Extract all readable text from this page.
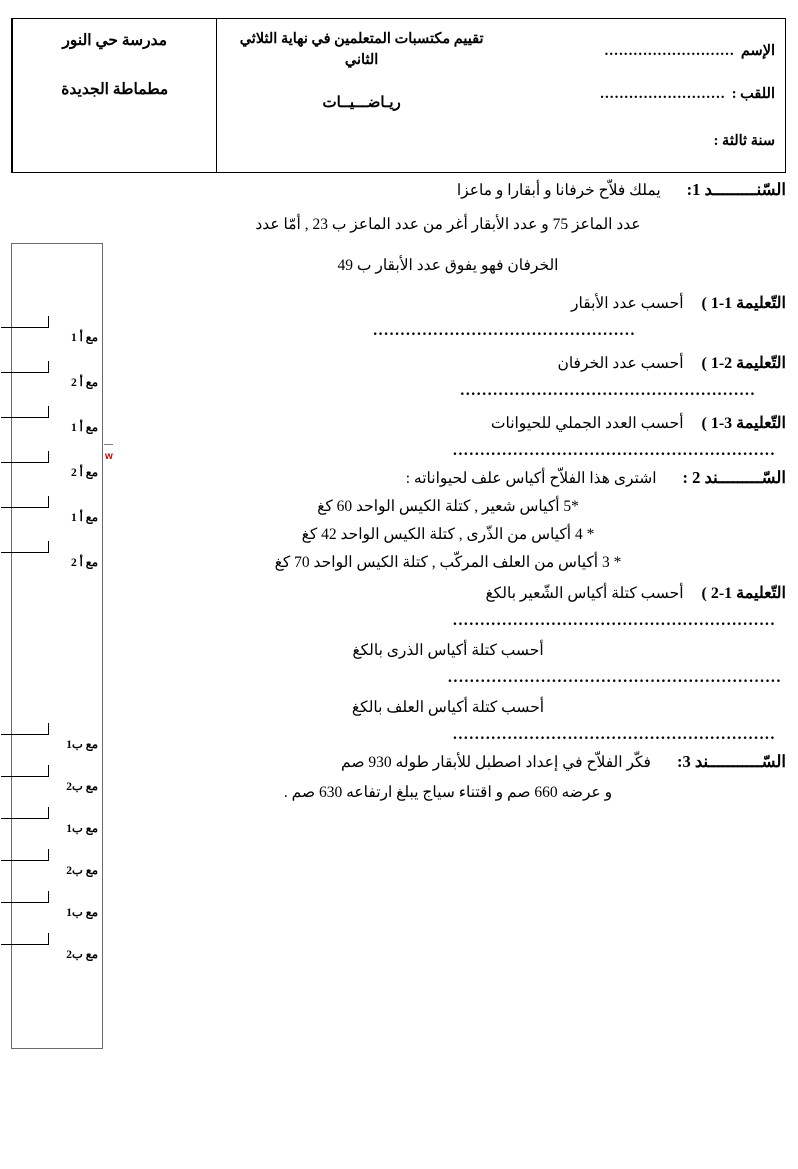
الإسم
...........................
اللقب :
..........................
سنة ثالثة :
تقييم مكتسبات المتعلمين في نهاية الثلاثي الثاني
ريـاضـــيــات
مدرسة حي النور
مطماطة الجديدة
مع أ 1
مع أ 2
مع أ 1
مع أ 2
مع أ 1
مع أ 2
مع ب1
مع ب2
مع ب1
مع ب2
مع ب1
مع ب2
w
السّنـــــــــد 1:
يملك فلاّح خرفانا و أبقارا و ماعزا
عدد الماعز 75 و عدد الأبقار أغر من عدد الماعز ب 23 , أمّا عدد
الخرفان فهو يفوق عدد الأبقار ب 49
التّعليمة 1-1 )
أحسب عدد الأبقار
................................................
التّعليمة 2-1 )
أحسب عدد الخرفان
......................................................
التّعليمة 3-1 )
أحسب العدد الجملي للحيوانات
...........................................................
السّـــــــــند 2 :
اشترى هذا الفلاّح أكياس علف لحيواناته :
*5 أكياس شعير , كتلة الكيس الواحد 60 كغ
* 4 أكياس من الذّرى , كتلة الكيس الواحد 42 كغ
* 3 أكياس من العلف المركّب , كتلة الكيس الواحد 70 كغ
التّعليمة 1-2 )
أحسب كتلة أكياس الشّعير بالكغ
...........................................................
أحسب كتلة أكياس الذرى بالكغ
.............................................................
أحسب كتلة أكياس العلف بالكغ
...........................................................
السّـــــــــــند 3:
فكّر الفلاّح في إعداد اصطبل للأبقار طوله 930 صم
و عرضه 660 صم و اقتناء سياج يبلغ ارتفاعه 630 صم .
